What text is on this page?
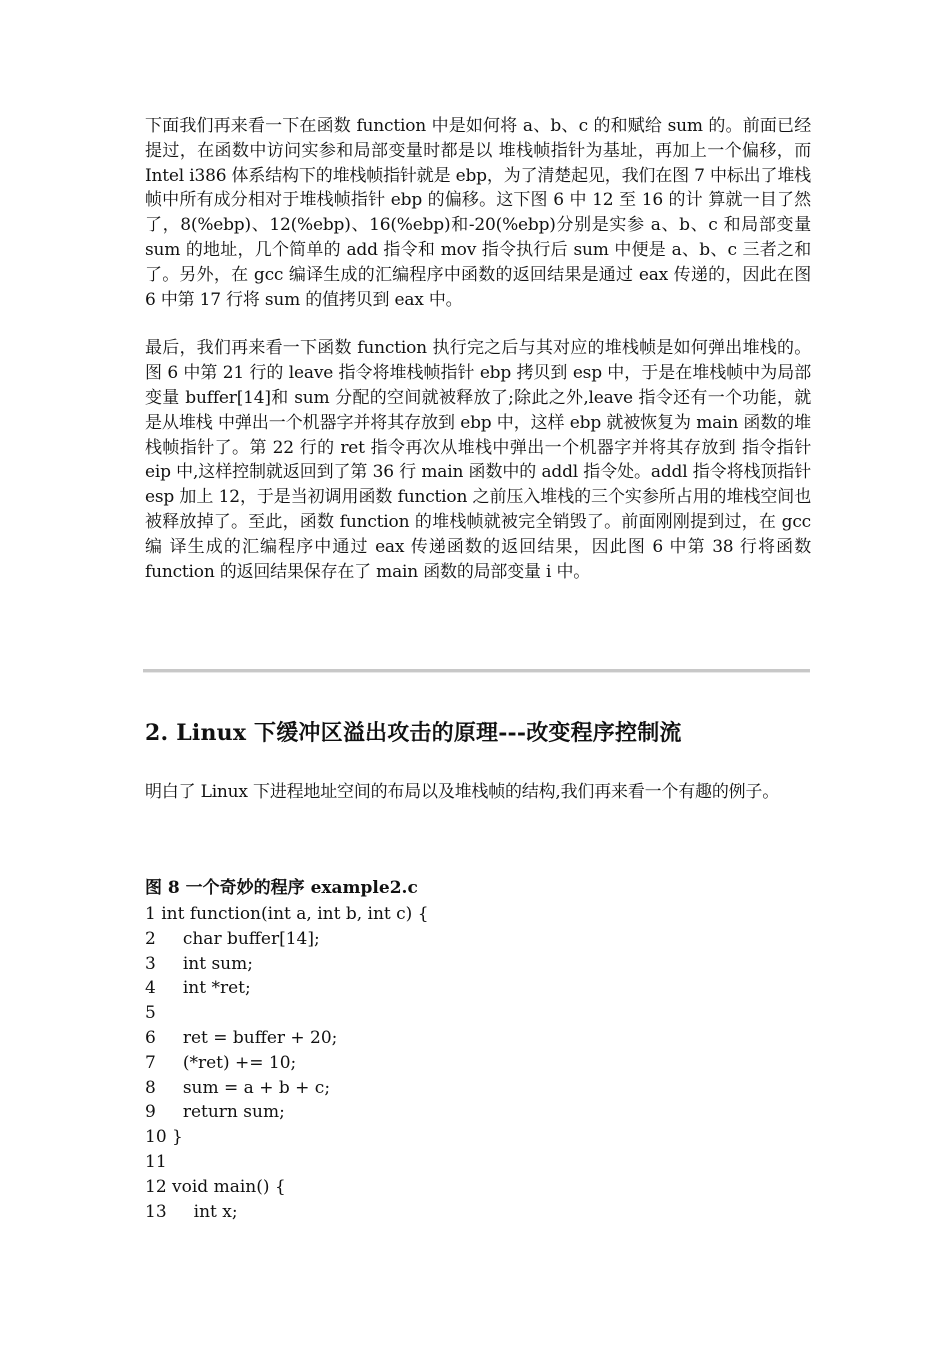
下面我们再来看一下在函数 function 中是如何将 a、b、c 的和赋给 sum 的。前面已经提过，在函数中访问实参和局部变量时都是以 堆栈帧指针为基址，再加上一个偏移，而 Intel i386 体系结构下的堆栈帧指针就是 ebp，为了清楚起见，我们在图 7 中标出了堆栈帧中所有成分相对于堆栈帧指针 ebp 的偏移。这下图 6 中 12 至 16 的计 算就一目了然了，8(%ebp)、12(%ebp)、16(%ebp)和-20(%ebp)分别是实参 a、b、c 和局部变量 sum 的地址，几个简单的 add 指令和 mov 指令执行后 sum 中便是 a、b、c 三者之和了。另外，在 gcc 编译生成的汇编程序中函数的返回结果是通过 eax 传递的，因此在图 6 中第 17 行将 sum 的值拷贝到 eax 中。

最后，我们再来看一下函数 function 执行完之后与其对应的堆栈帧是如何弹出堆栈的。图 6 中第 21 行的 leave 指令将堆栈帧指针 ebp 拷贝到 esp 中，于是在堆栈帧中为局部变量 buffer[14]和 sum 分配的空间就被释放了;除此之外,leave 指令还有一个功能，就是从堆栈 中弹出一个机器字并将其存放到 ebp 中，这样 ebp 就被恢复为 main 函数的堆栈帧指针了。第 22 行的 ret 指令再次从堆栈中弹出一个机器字并将其存放到 指令指针 eip 中,这样控制就返回到了第 36 行 main 函数中的 addl 指令处。addl 指令将栈顶指针 esp 加上 12，于是当初调用函数 function 之前压入堆栈的三个实参所占用的堆栈空间也被释放掉了。至此，函数 function 的堆栈帧就被完全销毁了。前面刚刚提到过，在 gcc 编 译生成的汇编程序中通过 eax 传递函数的返回结果，因此图 6 中第 38 行将函数 function 的返回结果保存在了 main 函数的局部变量 i 中。

2. Linux 下缓冲区溢出攻击的原理---改变程序控制流

明白了 Linux 下进程地址空间的布局以及堆栈帧的结构,我们再来看一个有趣的例子。

图 8 一个奇妙的程序 example2.c

1 int function(int a, int b, int c) {
2     char buffer[14];
3     int sum;
4     int *ret;
5
6     ret = buffer + 20;
7     (*ret) += 10;
8     sum = a + b + c;
9     return sum;
10 }
11
12 void main() {
13     int x;
